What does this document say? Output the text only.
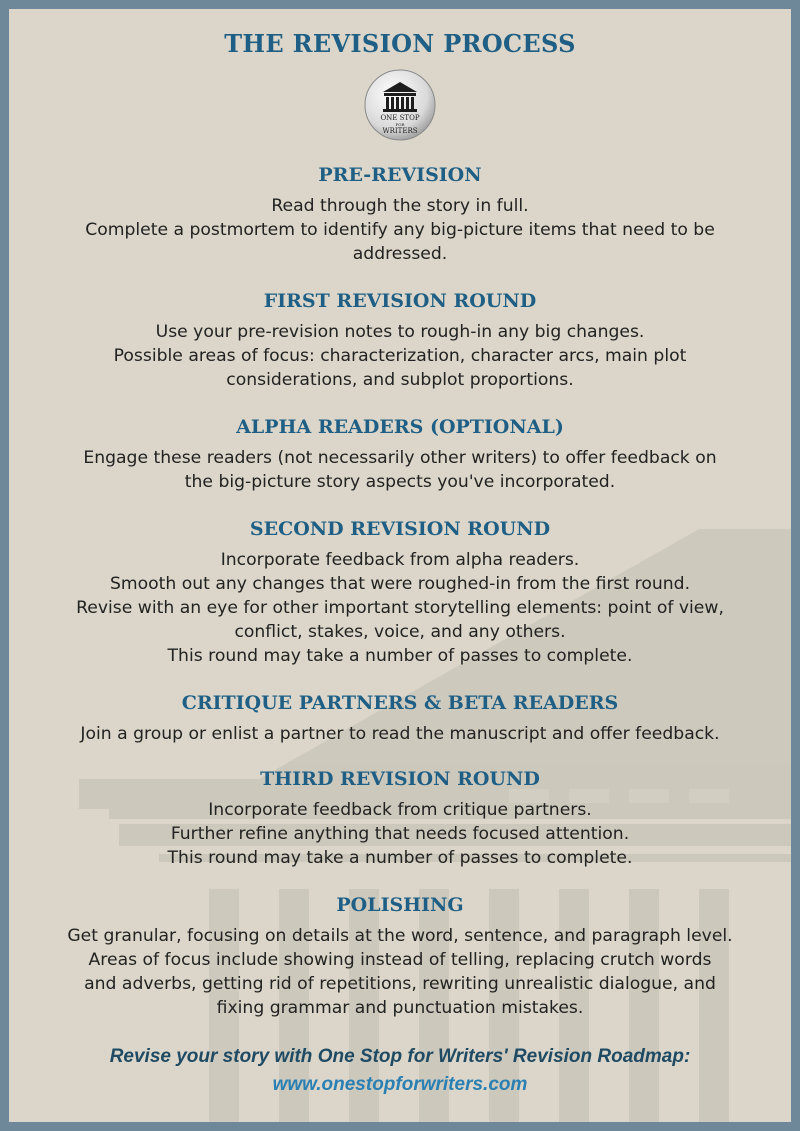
THE REVISION PROCESS
ONE STOP
FOR
WRITERS
PRE-REVISION
Read through the story in full.
Complete a postmortem to identify any big-picture items that need to be
addressed.
FIRST REVISION ROUND
Use your pre-revision notes to rough-in any big changes.
Possible areas of focus: characterization, character arcs, main plot
considerations, and subplot proportions.
ALPHA READERS (OPTIONAL)
Engage these readers (not necessarily other writers) to offer feedback on
the big-picture story aspects you've incorporated.
SECOND REVISION ROUND
Incorporate feedback from alpha readers.
Smooth out any changes that were roughed-in from the first round.
Revise with an eye for other important storytelling elements: point of view,
conflict, stakes, voice, and any others.
This round may take a number of passes to complete.
CRITIQUE PARTNERS & BETA READERS
Join a group or enlist a partner to read the manuscript and offer feedback.
THIRD REVISION ROUND
Incorporate feedback from critique partners.
Further refine anything that needs focused attention.
This round may take a number of passes to complete.
POLISHING
Get granular, focusing on details at the word, sentence, and paragraph level.
Areas of focus include showing instead of telling, replacing crutch words
and adverbs, getting rid of repetitions, rewriting unrealistic dialogue, and
fixing grammar and punctuation mistakes.
Revise your story with One Stop for Writers' Revision Roadmap:
www.onestopforwriters.com
